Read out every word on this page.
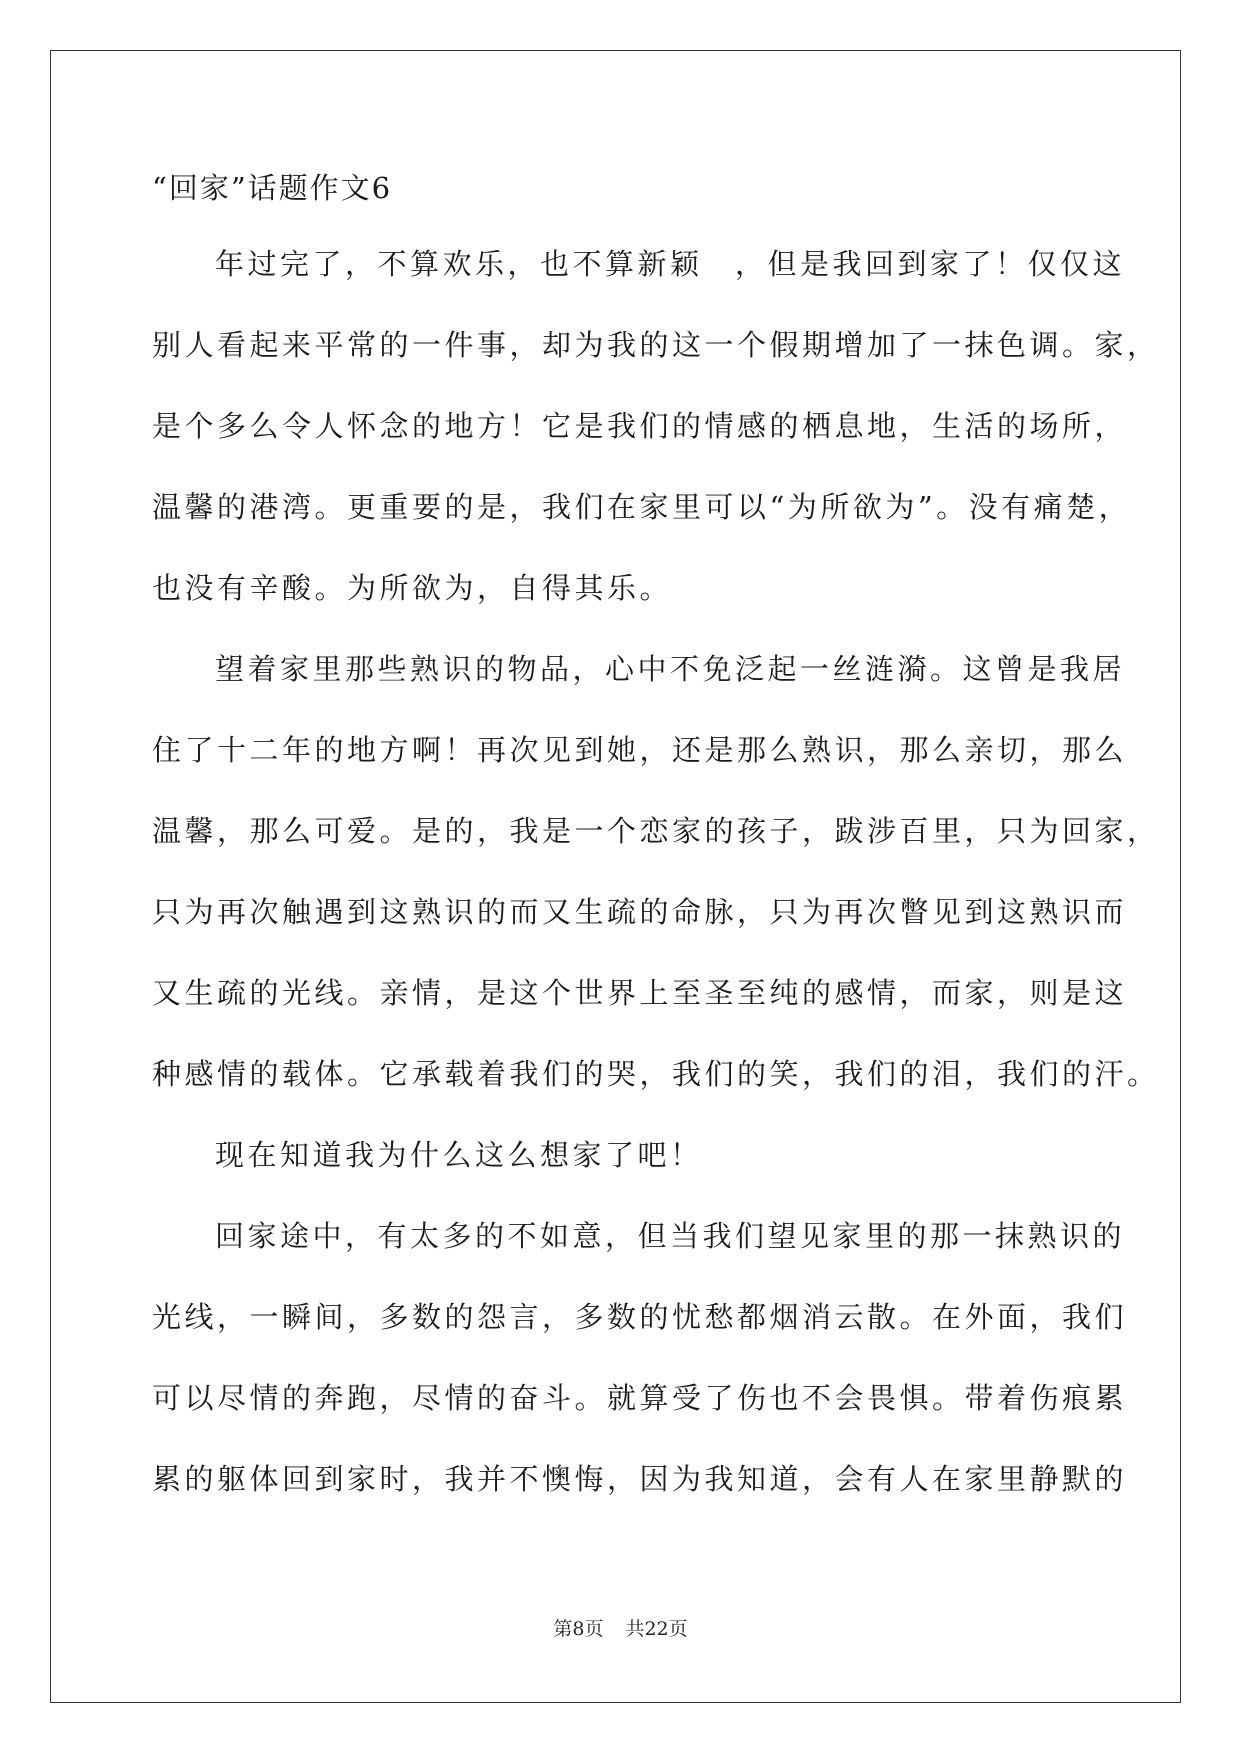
“回家”话题作文6
年过完了，不算欢乐，也不算新颖　，但是我回到家了！仅仅这
别人看起来平常的一件事，却为我的这一个假期增加了一抹色调。家，
是个多么令人怀念的地方！它是我们的情感的栖息地，生活的场所，
温馨的港湾。更重要的是，我们在家里可以“为所欲为”。没有痛楚，
也没有辛酸。为所欲为，自得其乐。
望着家里那些熟识的物品，心中不免泛起一丝涟漪。这曾是我居
住了十二年的地方啊！再次见到她，还是那么熟识，那么亲切，那么
温馨，那么可爱。是的，我是一个恋家的孩子，跋涉百里，只为回家，
只为再次触遇到这熟识的而又生疏的命脉，只为再次瞥见到这熟识而
又生疏的光线。亲情，是这个世界上至圣至纯的感情，而家，则是这
种感情的载体。它承载着我们的哭，我们的笑，我们的泪，我们的汗。
现在知道我为什么这么想家了吧！
回家途中，有太多的不如意，但当我们望见家里的那一抹熟识的
光线，一瞬间，多数的怨言，多数的忧愁都烟消云散。在外面，我们
可以尽情的奔跑，尽情的奋斗。就算受了伤也不会畏惧。带着伤痕累
累的躯体回到家时，我并不懊悔，因为我知道，会有人在家里静默的
第8页 共22页
